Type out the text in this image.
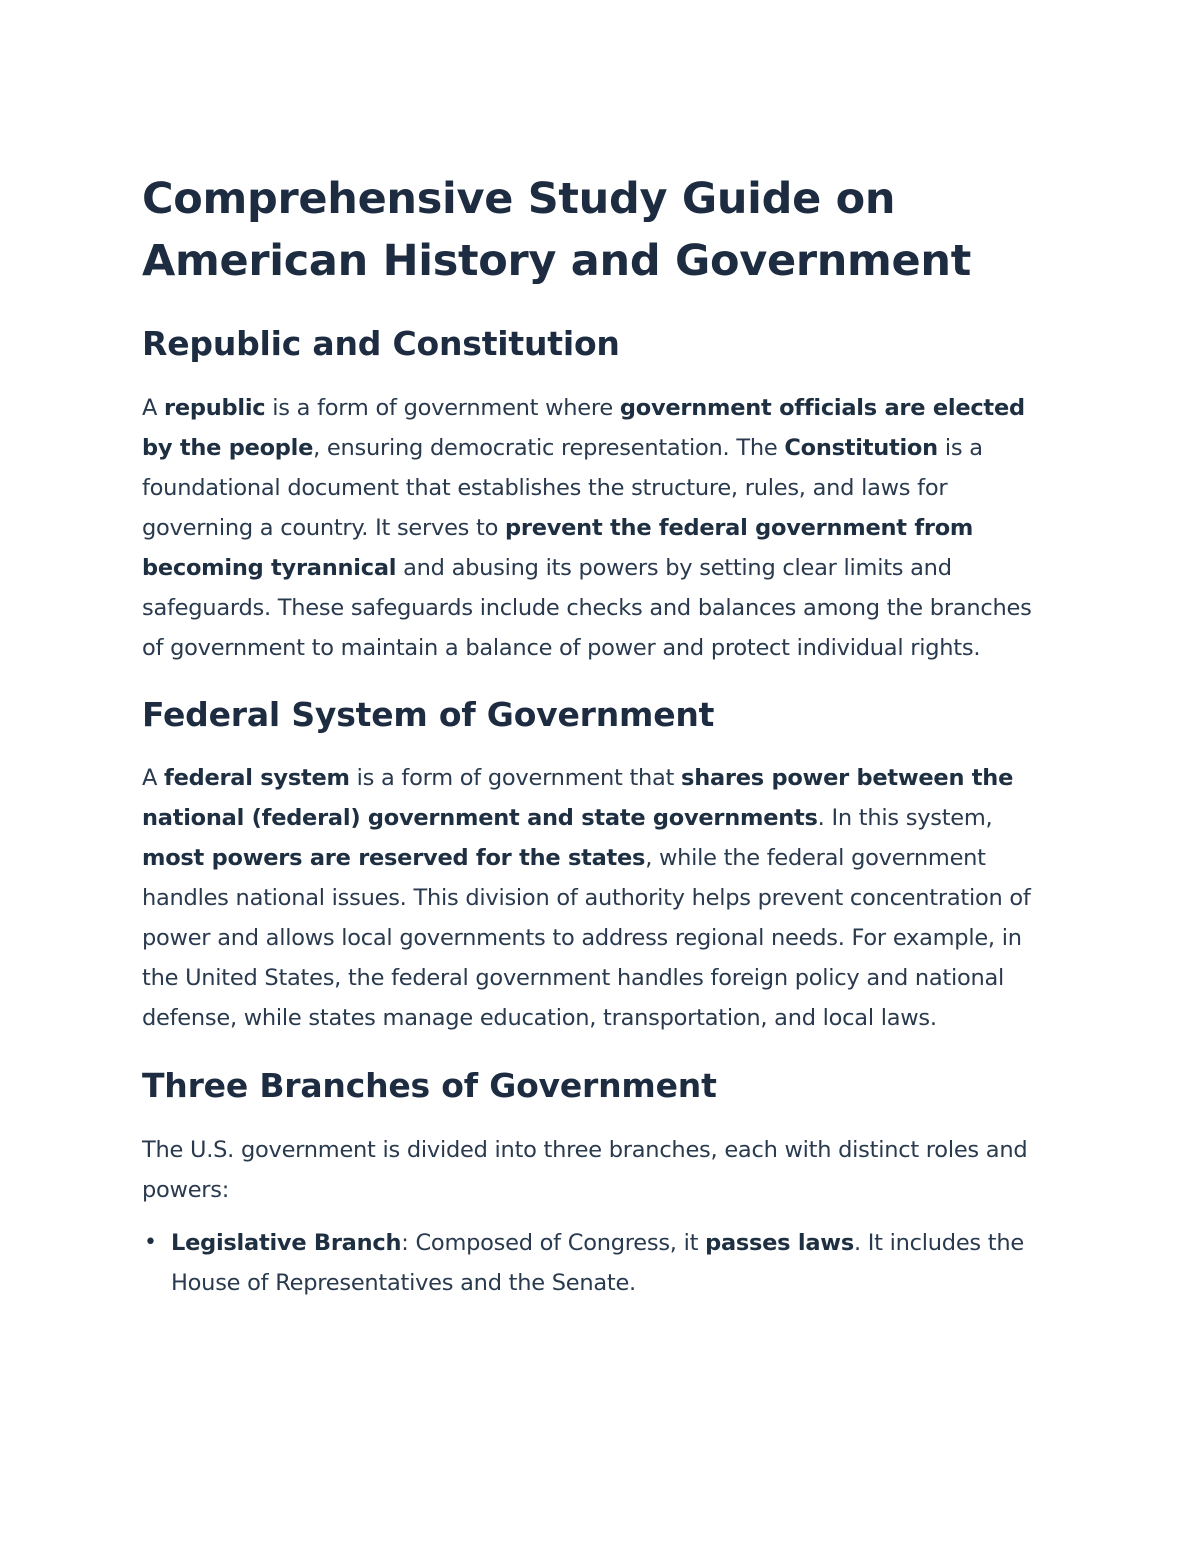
Comprehensive Study Guide on American History and Government
Republic and Constitution

A republic is a form of government where government officials are elected by the people, ensuring democratic representation. The Constitution is a foundational document that establishes the structure, rules, and laws for governing a country. It serves to prevent the federal government from becoming tyrannical and abusing its powers by setting clear limits and safeguards. These safeguards include checks and balances among the branches of government to maintain a balance of power and protect individual rights.

Federal System of Government

A federal system is a form of government that shares power between the national (federal) government and state governments. In this system, most powers are reserved for the states, while the federal government handles national issues. This division of authority helps prevent concentration of power and allows local governments to address regional needs. For example, in the United States, the federal government handles foreign policy and national defense, while states manage education, transportation, and local laws.

Three Branches of Government

The U.S. government is divided into three branches, each with distinct roles and powers:

• Legislative Branch: Composed of Congress, it passes laws. It includes the House of Representatives and the Senate.
